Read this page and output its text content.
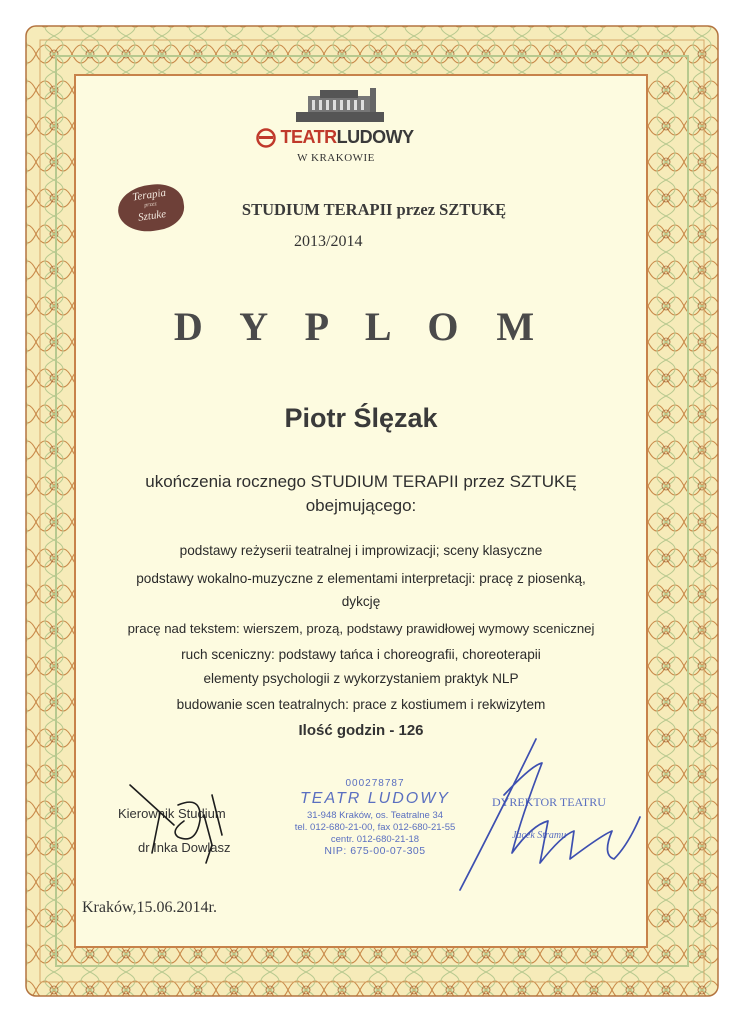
TEATRLUDOWY
W KRAKOWIE
Terapia
przez
Sztuke	STUDIUM TERAPII przez SZTUKĘ
2013/2014
D Y P L O M
Piotr Ślęzak
ukończenia rocznego STUDIUM TERAPII przez SZTUKĘ
obejmującego:
podstawy reżyserii teatralnej i improwizacji; sceny klasyczne
podstawy wokalno-muzyczne z elementami interpretacji: pracę z piosenką,
dykcję
pracę nad tekstem: wierszem, prozą, podstawy prawidłowej wymowy scenicznej
ruch sceniczny: podstawy tańca i choreografii, choreoterapii
elementy psychologii z wykorzystaniem praktyk NLP
budowanie scen teatralnych: prace z kostiumem i rekwizytem
Ilość godzin - 126
Kierownik Studium
dr Inka Dowlasz
000278787
TEATR LUDOWY
31-948 Kraków, os. Teatralne 34
tel. 012-680-21-00, fax 012-680-21-55
centr. 012-680-21-18
NIP: 675-00-07-305
DYREKTOR TEATRU
Jacek Stramu
Kraków,15.06.2014r.
